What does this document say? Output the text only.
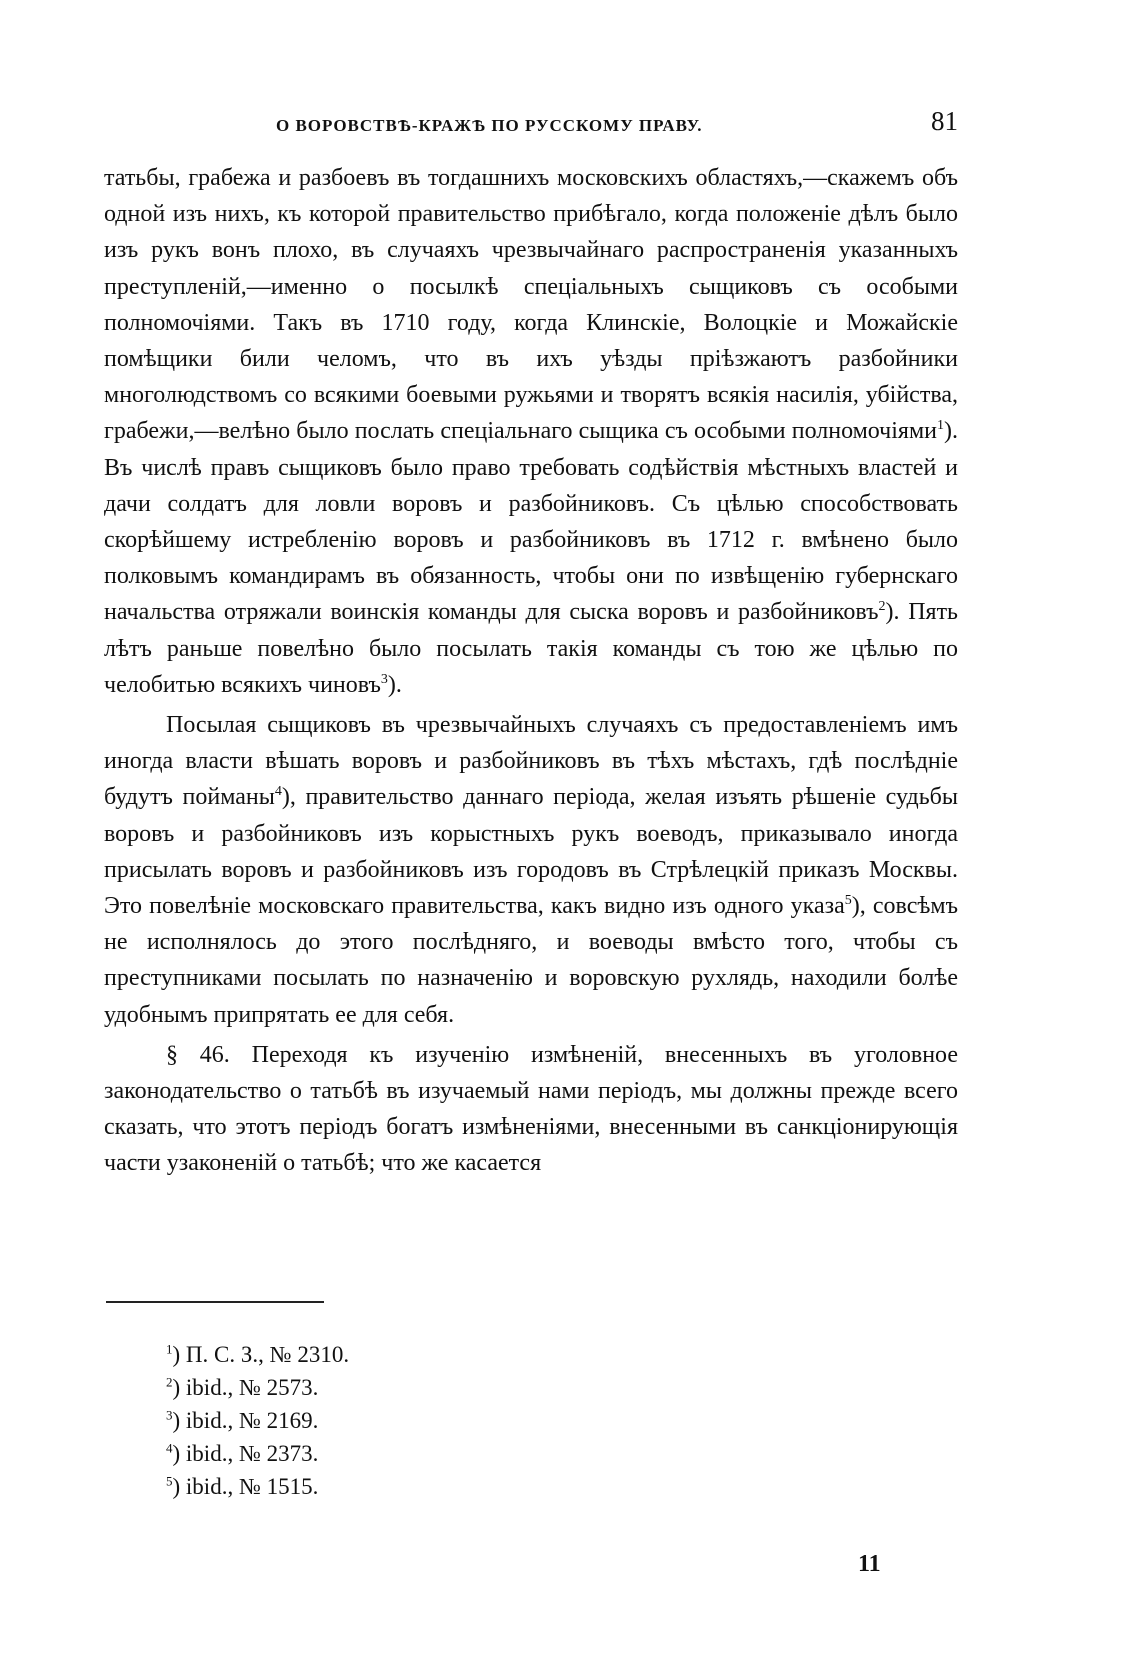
О ВОРОВСТВѢ-КРАЖѢ ПО РУССКОМУ ПРАВУ.	81

татьбы, грабежа и разбоевъ въ тогдашнихъ московскихъ областяхъ,—скажемъ объ одной изъ нихъ, къ которой правительство прибѣгало, когда положеніе дѣлъ было изъ рукъ вонъ плохо, въ случаяхъ чрезвычайнаго распространенія указанныхъ преступленій,—именно о посылкѣ спеціальныхъ сыщиковъ съ особыми полномочіями. Такъ въ 1710 году, когда Клинскіе, Волоцкіе и Можайскіе помѣщики били челомъ, что въ ихъ уѣзды пріѣзжаютъ разбойники многолюдствомъ со всякими боевыми ружьями и творятъ всякія насилія, убійства, грабежи,—велѣно было послать спеціальнаго сыщика съ особыми полномочіями$^1$). Въ числѣ правъ сыщиковъ было право требовать содѣйствія мѣстныхъ властей и дачи солдатъ для ловли воровъ и разбойниковъ. Съ цѣлью способствовать скорѣйшему истребленію воровъ и разбойниковъ въ 1712 г. вмѣнено было полковымъ командирамъ въ обязанность, чтобы они по извѣщенію губернскаго начальства отряжали воинскія команды для сыска воровъ и разбойниковъ$^2$). Пять лѣтъ раньше повелѣно было посылать такія команды съ тою же цѣлью по челобитью всякихъ чиновъ$^3$).

Посылая сыщиковъ въ чрезвычайныхъ случаяхъ съ предоставленіемъ имъ иногда власти вѣшать воровъ и разбойниковъ въ тѣхъ мѣстахъ, гдѣ послѣдніе будутъ пойманы$^4$), правительство даннаго періода, желая изъять рѣшеніе судьбы воровъ и разбойниковъ изъ корыстныхъ рукъ воеводъ, приказывало иногда присылать воровъ и разбойниковъ изъ городовъ въ Стрѣлецкій приказъ Москвы. Это повелѣніе московскаго правительства, какъ видно изъ одного указа$^5$), совсѣмъ не исполнялось до этого послѣдняго, и воеводы вмѣсто того, чтобы съ преступниками посылать по назначенію и воровскую рухлядь, находили болѣе удобнымъ припрятать ее для себя.

§ 46. Переходя къ изученію измѣненій, внесенныхъ въ уголовное законодательство о татьбѣ въ изучаемый нами періодъ, мы должны прежде всего сказать, что этотъ періодъ богатъ измѣненіями, внесенными въ санкціонирующія части узаконеній о татьбѣ; что же касается

$^1$) П. С. З., № 2310.
$^2$) ibid., № 2573.
$^3$) ibid., № 2169.
$^4$) ibid., № 2373.
$^5$) ibid., № 1515.
11
